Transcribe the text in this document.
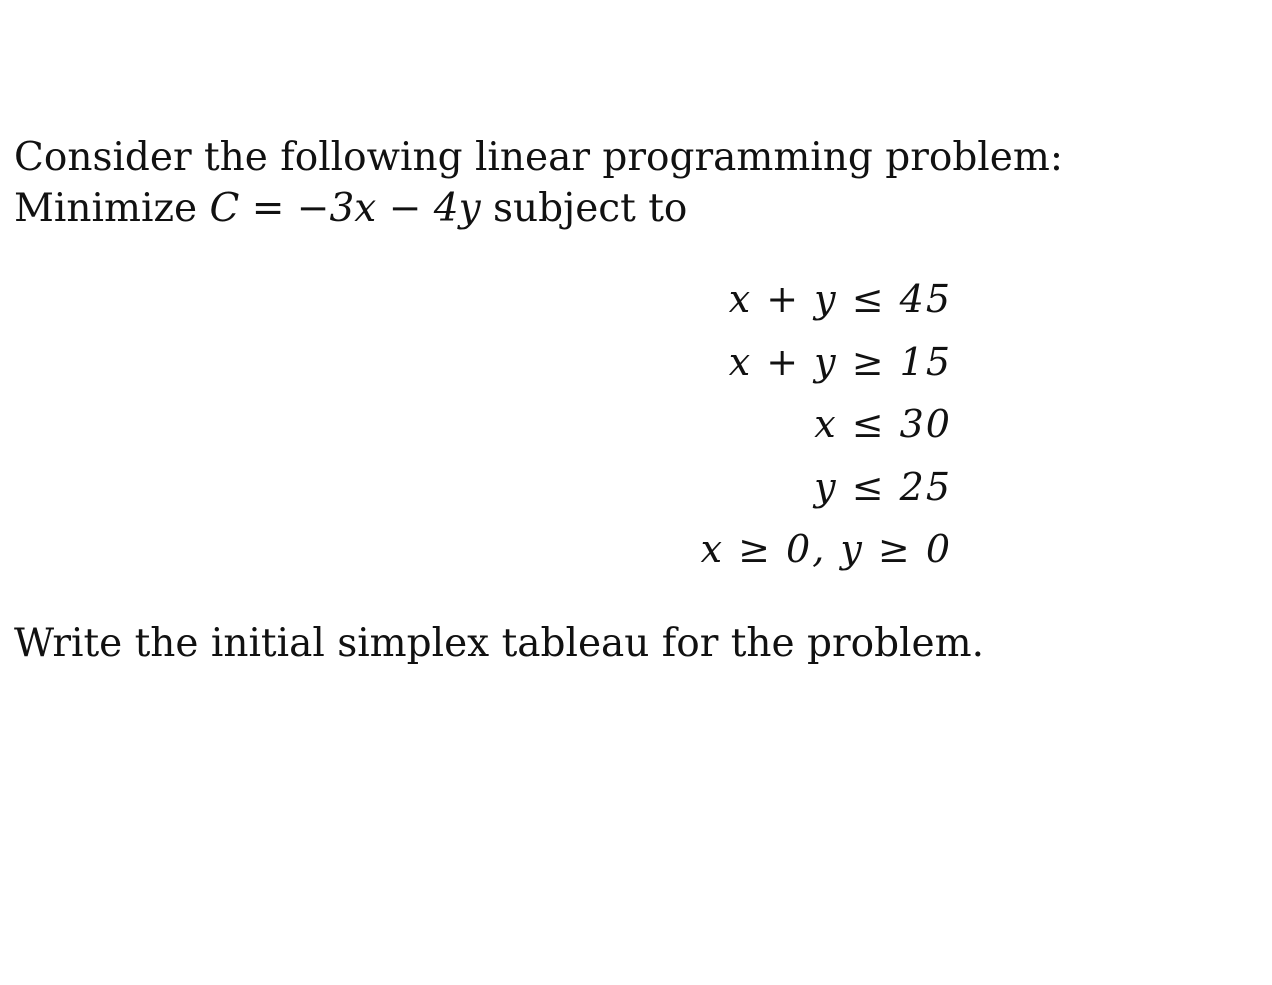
Consider the following linear programming problem:
Minimize C = −3x − 4y subject to
x + y ≤ 45
x + y ≥ 15
x ≤ 30
y ≤ 25
x ≥ 0, y ≥ 0
Write the initial simplex tableau for the problem.
